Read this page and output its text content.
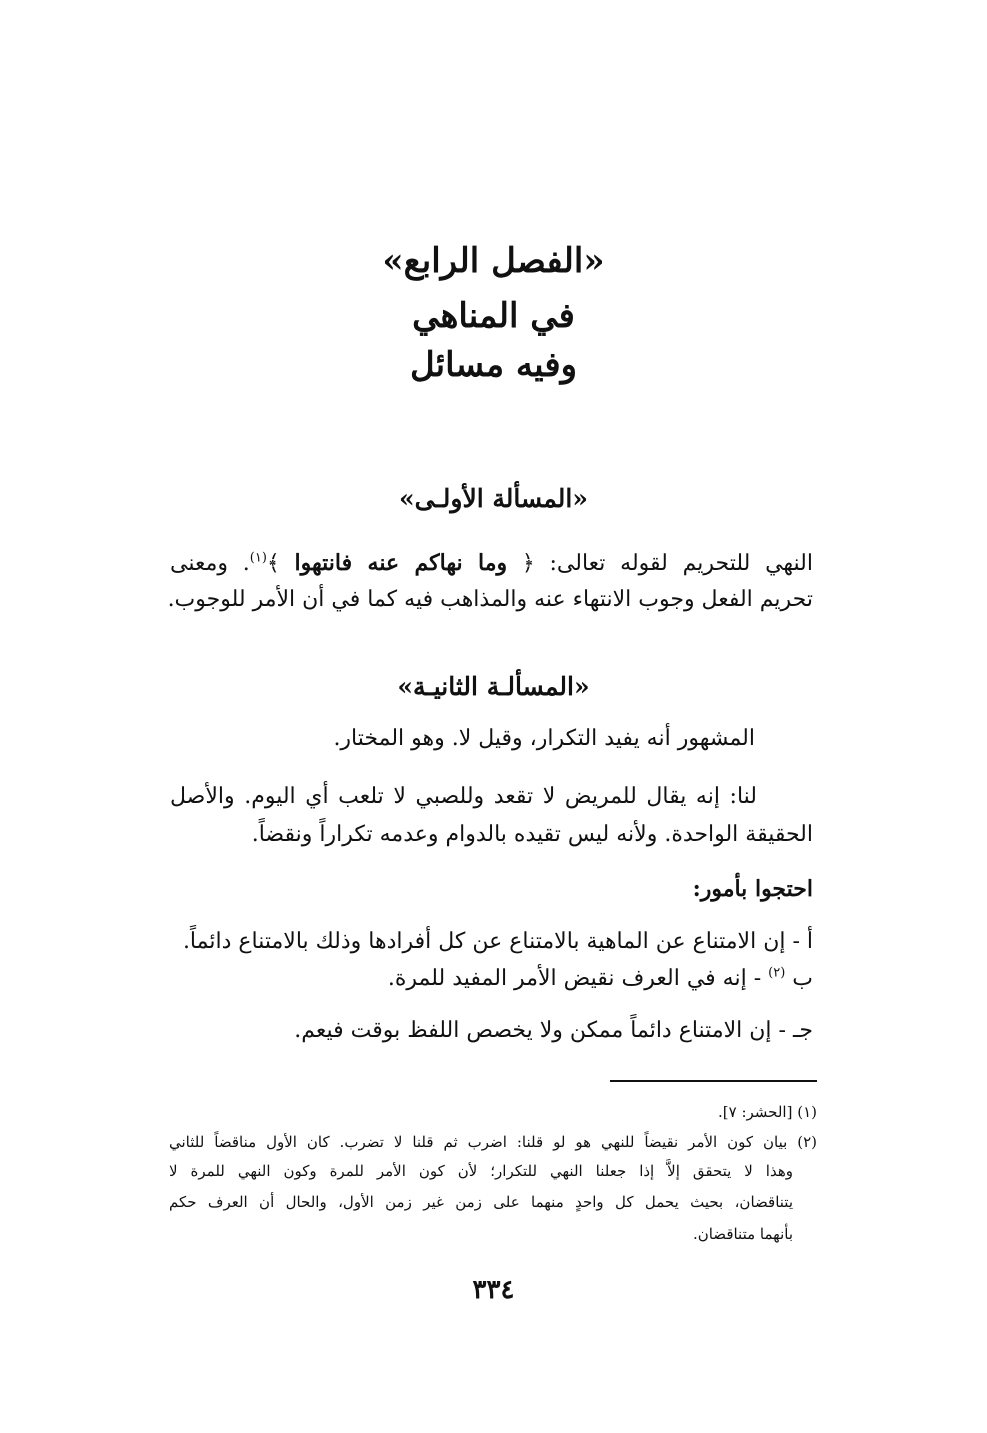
«الفصل الرابع»
في المناهي
وفيه مسائل
«المسألة الأولـى»
النهي للتحريم لقوله تعالى: ﴿ وما نهاكم عنه فانتهوا ﴾$^{(١)}$. ومعنى
تحريم الفعل وجوب الانتهاء عنه والمذاهب فيه كما في أن الأمر للوجوب.
«المسألـة الثانيـة»
المشهور أنه يفيد التكرار، وقيل لا. وهو المختار.
لنا: إنه يقال للمريض لا تقعد وللصبي لا تلعب أي اليوم. والأصل
الحقيقة الواحدة. ولأنه ليس تقيده بالدوام وعدمه تكراراً ونقضاً.
احتجوا بأمور:
أ - إن الامتناع عن الماهية بالامتناع عن كل أفرادها وذلك بالامتناع دائماً.
ب $^{(٢)}$ - إنه في العرف نقيض الأمر المفيد للمرة.
جـ - إن الامتناع دائماً ممكن ولا يخصص اللفظ بوقت فيعم.
(١) [الحشر: ٧].
(٢) بيان كون الأمر نقيضاً للنهي هو لو قلنا: اضرب ثم قلنا لا تضرب. كان الأول مناقضاً للثاني
وهذا لا يتحقق إلاَّ إذا جعلنا النهي للتكرار؛ لأن كون الأمر للمرة وكون النهي للمرة لا
يتناقضان، بحيث يحمل كل واحدٍ منهما على زمن غير زمن الأول، والحال أن العرف حكم
بأنهما متناقضان.
٣٣٤
